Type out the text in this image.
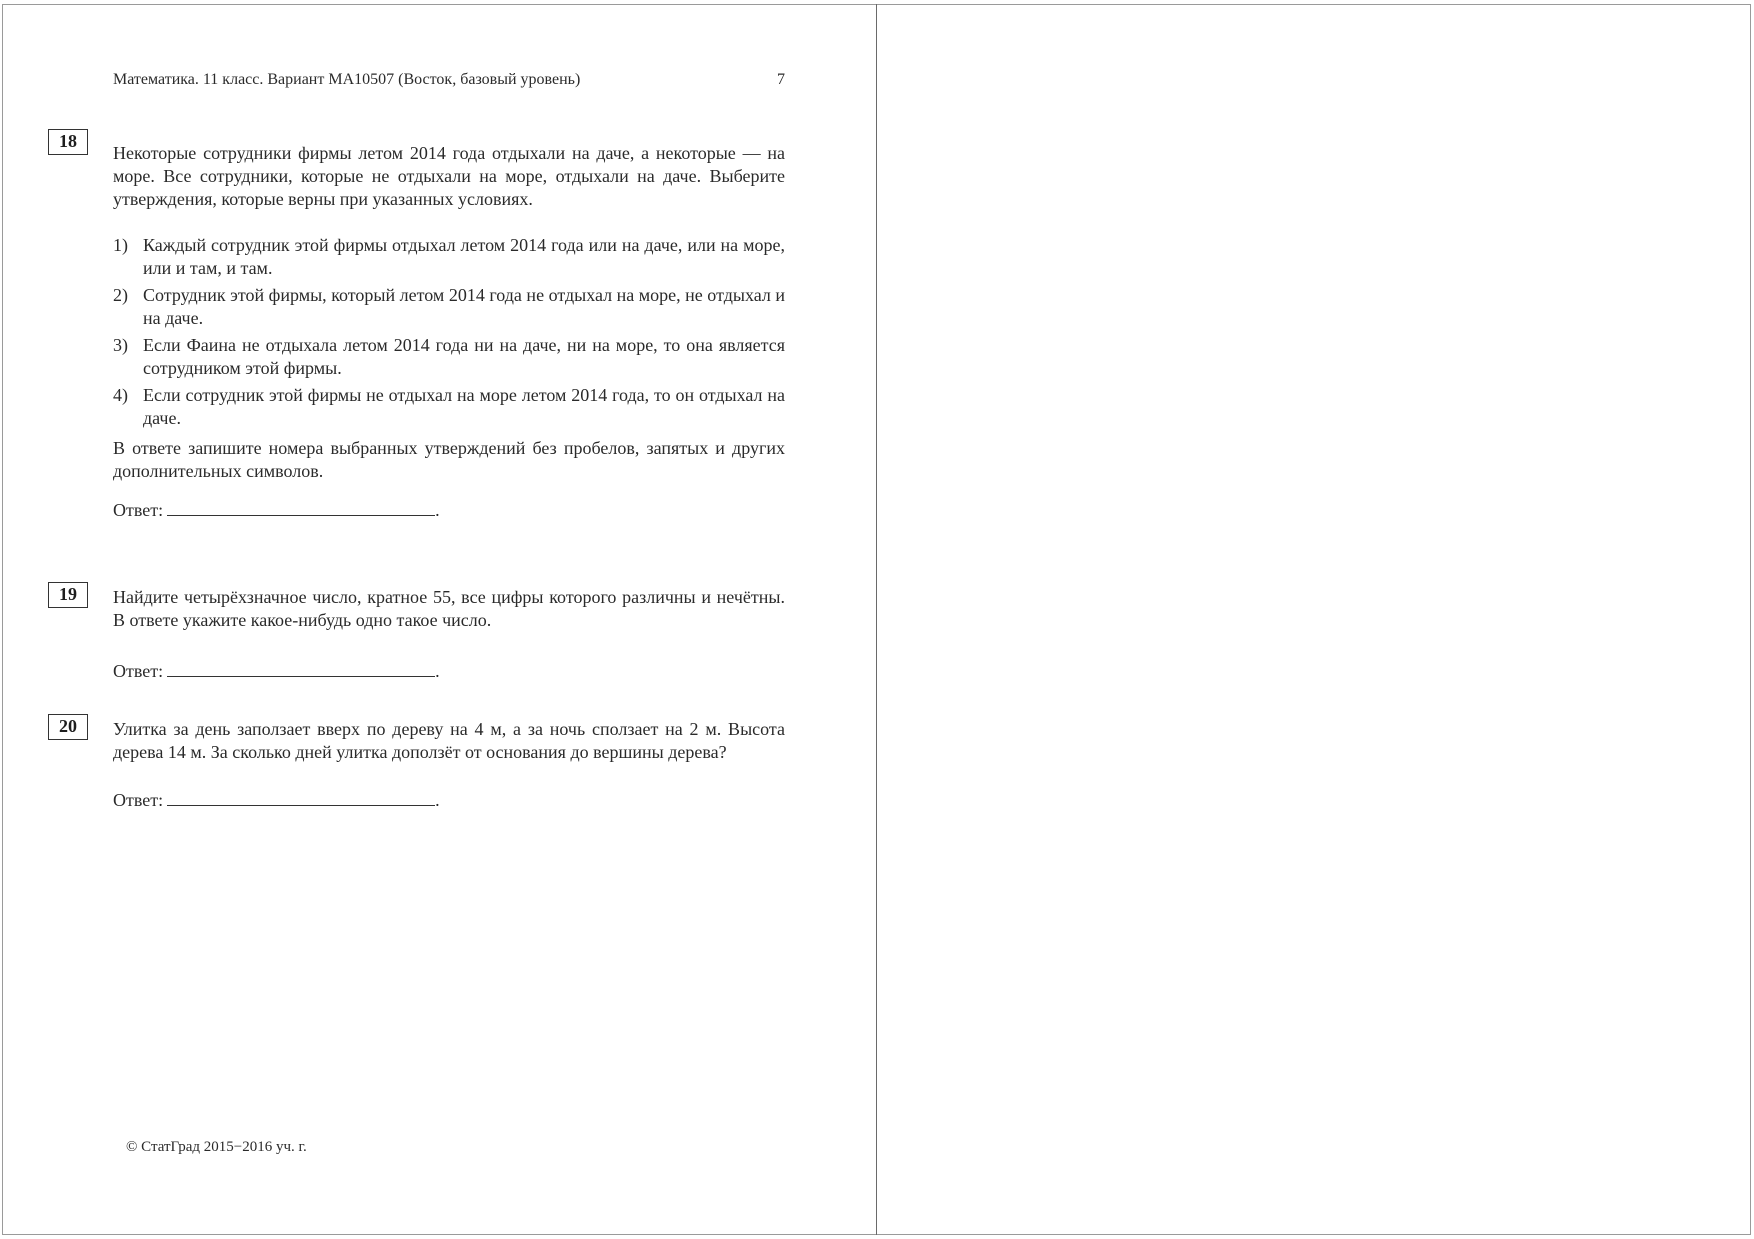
Математика. 11 класс. Вариант МА10507 (Восток, базовый уровень)	7
18

Некоторые сотрудники фирмы летом 2014 года отдыхали на даче, а некоторые — на море. Все сотрудники, которые не отдыхали на море, отдыхали на даче. Выберите утверждения, которые верны при указанных условиях.

1) Каждый сотрудник этой фирмы отдыхал летом 2014 года или на даче, или на море, или и там, и там.
2) Сотрудник этой фирмы, который летом 2014 года не отдыхал на море, не отдыхал и на даче.
3) Если Фаина не отдыхала летом 2014 года ни на даче, ни на море, то она является сотрудником этой фирмы.
4) Если сотрудник этой фирмы не отдыхал на море летом 2014 года, то он отдыхал на даче.

В ответе запишите номера выбранных утверждений без пробелов, запятых и других дополнительных символов.

Ответ:	.

19	Найдите четырёхзначное число, кратное 55, все цифры которого различны и нечётны. В ответе укажите какое-нибудь одно такое число.

Ответ:	.

20	Улитка за день заползает вверх по дереву на 4 м, а за ночь сползает на 2 м. Высота дерева 14 м. За сколько дней улитка доползёт от основания до вершины дерева?

Ответ:	.

© СтатГрад 2015−2016 уч. г.
